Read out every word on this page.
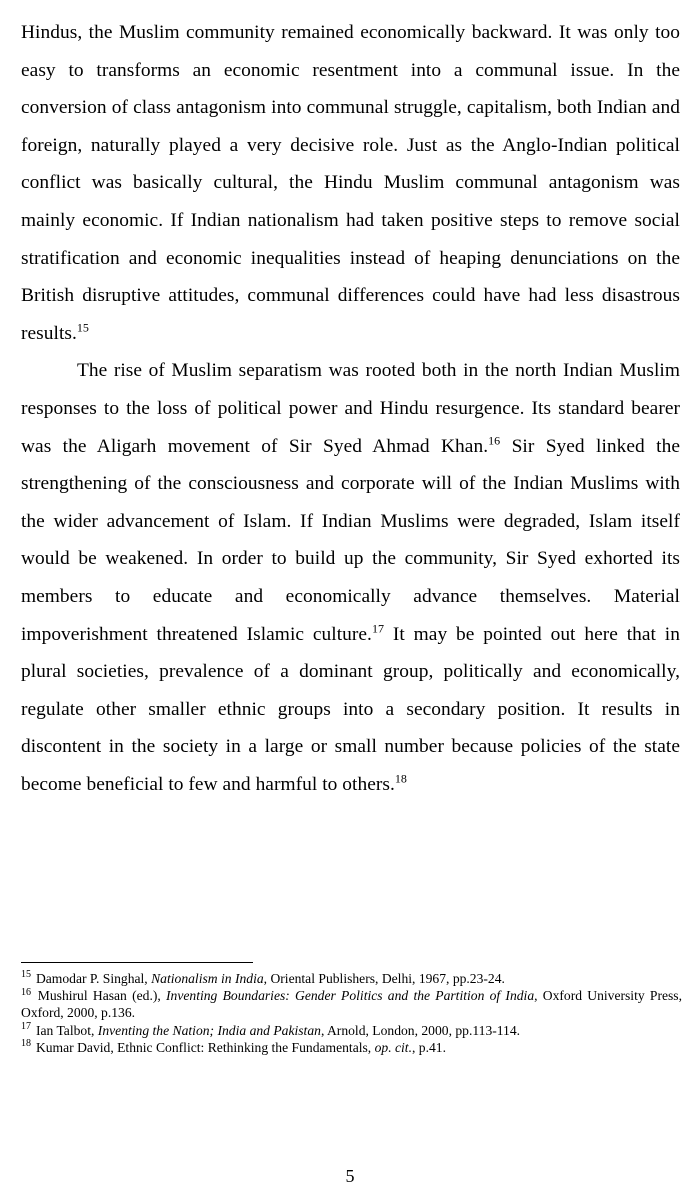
Hindus, the Muslim community remained economically backward. It was only too easy to transforms an economic resentment into a communal issue. In the conversion of class antagonism into communal struggle, capitalism, both Indian and foreign, naturally played a very decisive role. Just as the Anglo-Indian political conflict was basically cultural, the Hindu Muslim communal antagonism was mainly economic. If Indian nationalism had taken positive steps to remove social stratification and economic inequalities instead of heaping denunciations on the British disruptive attitudes, communal differences could have had less disastrous results.$^{15}$

The rise of Muslim separatism was rooted both in the north Indian Muslim responses to the loss of political power and Hindu resurgence. Its standard bearer was the Aligarh movement of Sir Syed Ahmad Khan.$^{16}$ Sir Syed linked the strengthening of the consciousness and corporate will of the Indian Muslims with the wider advancement of Islam. If Indian Muslims were degraded, Islam itself would be weakened. In order to build up the community, Sir Syed exhorted its members to educate and economically advance themselves. Material impoverishment threatened Islamic culture.$^{17}$ It may be pointed out here that in plural societies, prevalence of a dominant group, politically and economically, regulate other smaller ethnic groups into a secondary position. It results in discontent in the society in a large or small number because policies of the state become beneficial to few and harmful to others.$^{18}$

$^{15}$ Damodar P. Singhal, Nationalism in India, Oriental Publishers, Delhi, 1967, pp.23-24.

$^{16}$ Mushirul Hasan (ed.), Inventing Boundaries: Gender Politics and the Partition of India, Oxford University Press, Oxford, 2000, p.136.

$^{17}$ Ian Talbot, Inventing the Nation; India and Pakistan, Arnold, London, 2000, pp.113-114.

$^{18}$ Kumar David, Ethnic Conflict: Rethinking the Fundamentals, op. cit., p.41.

5
